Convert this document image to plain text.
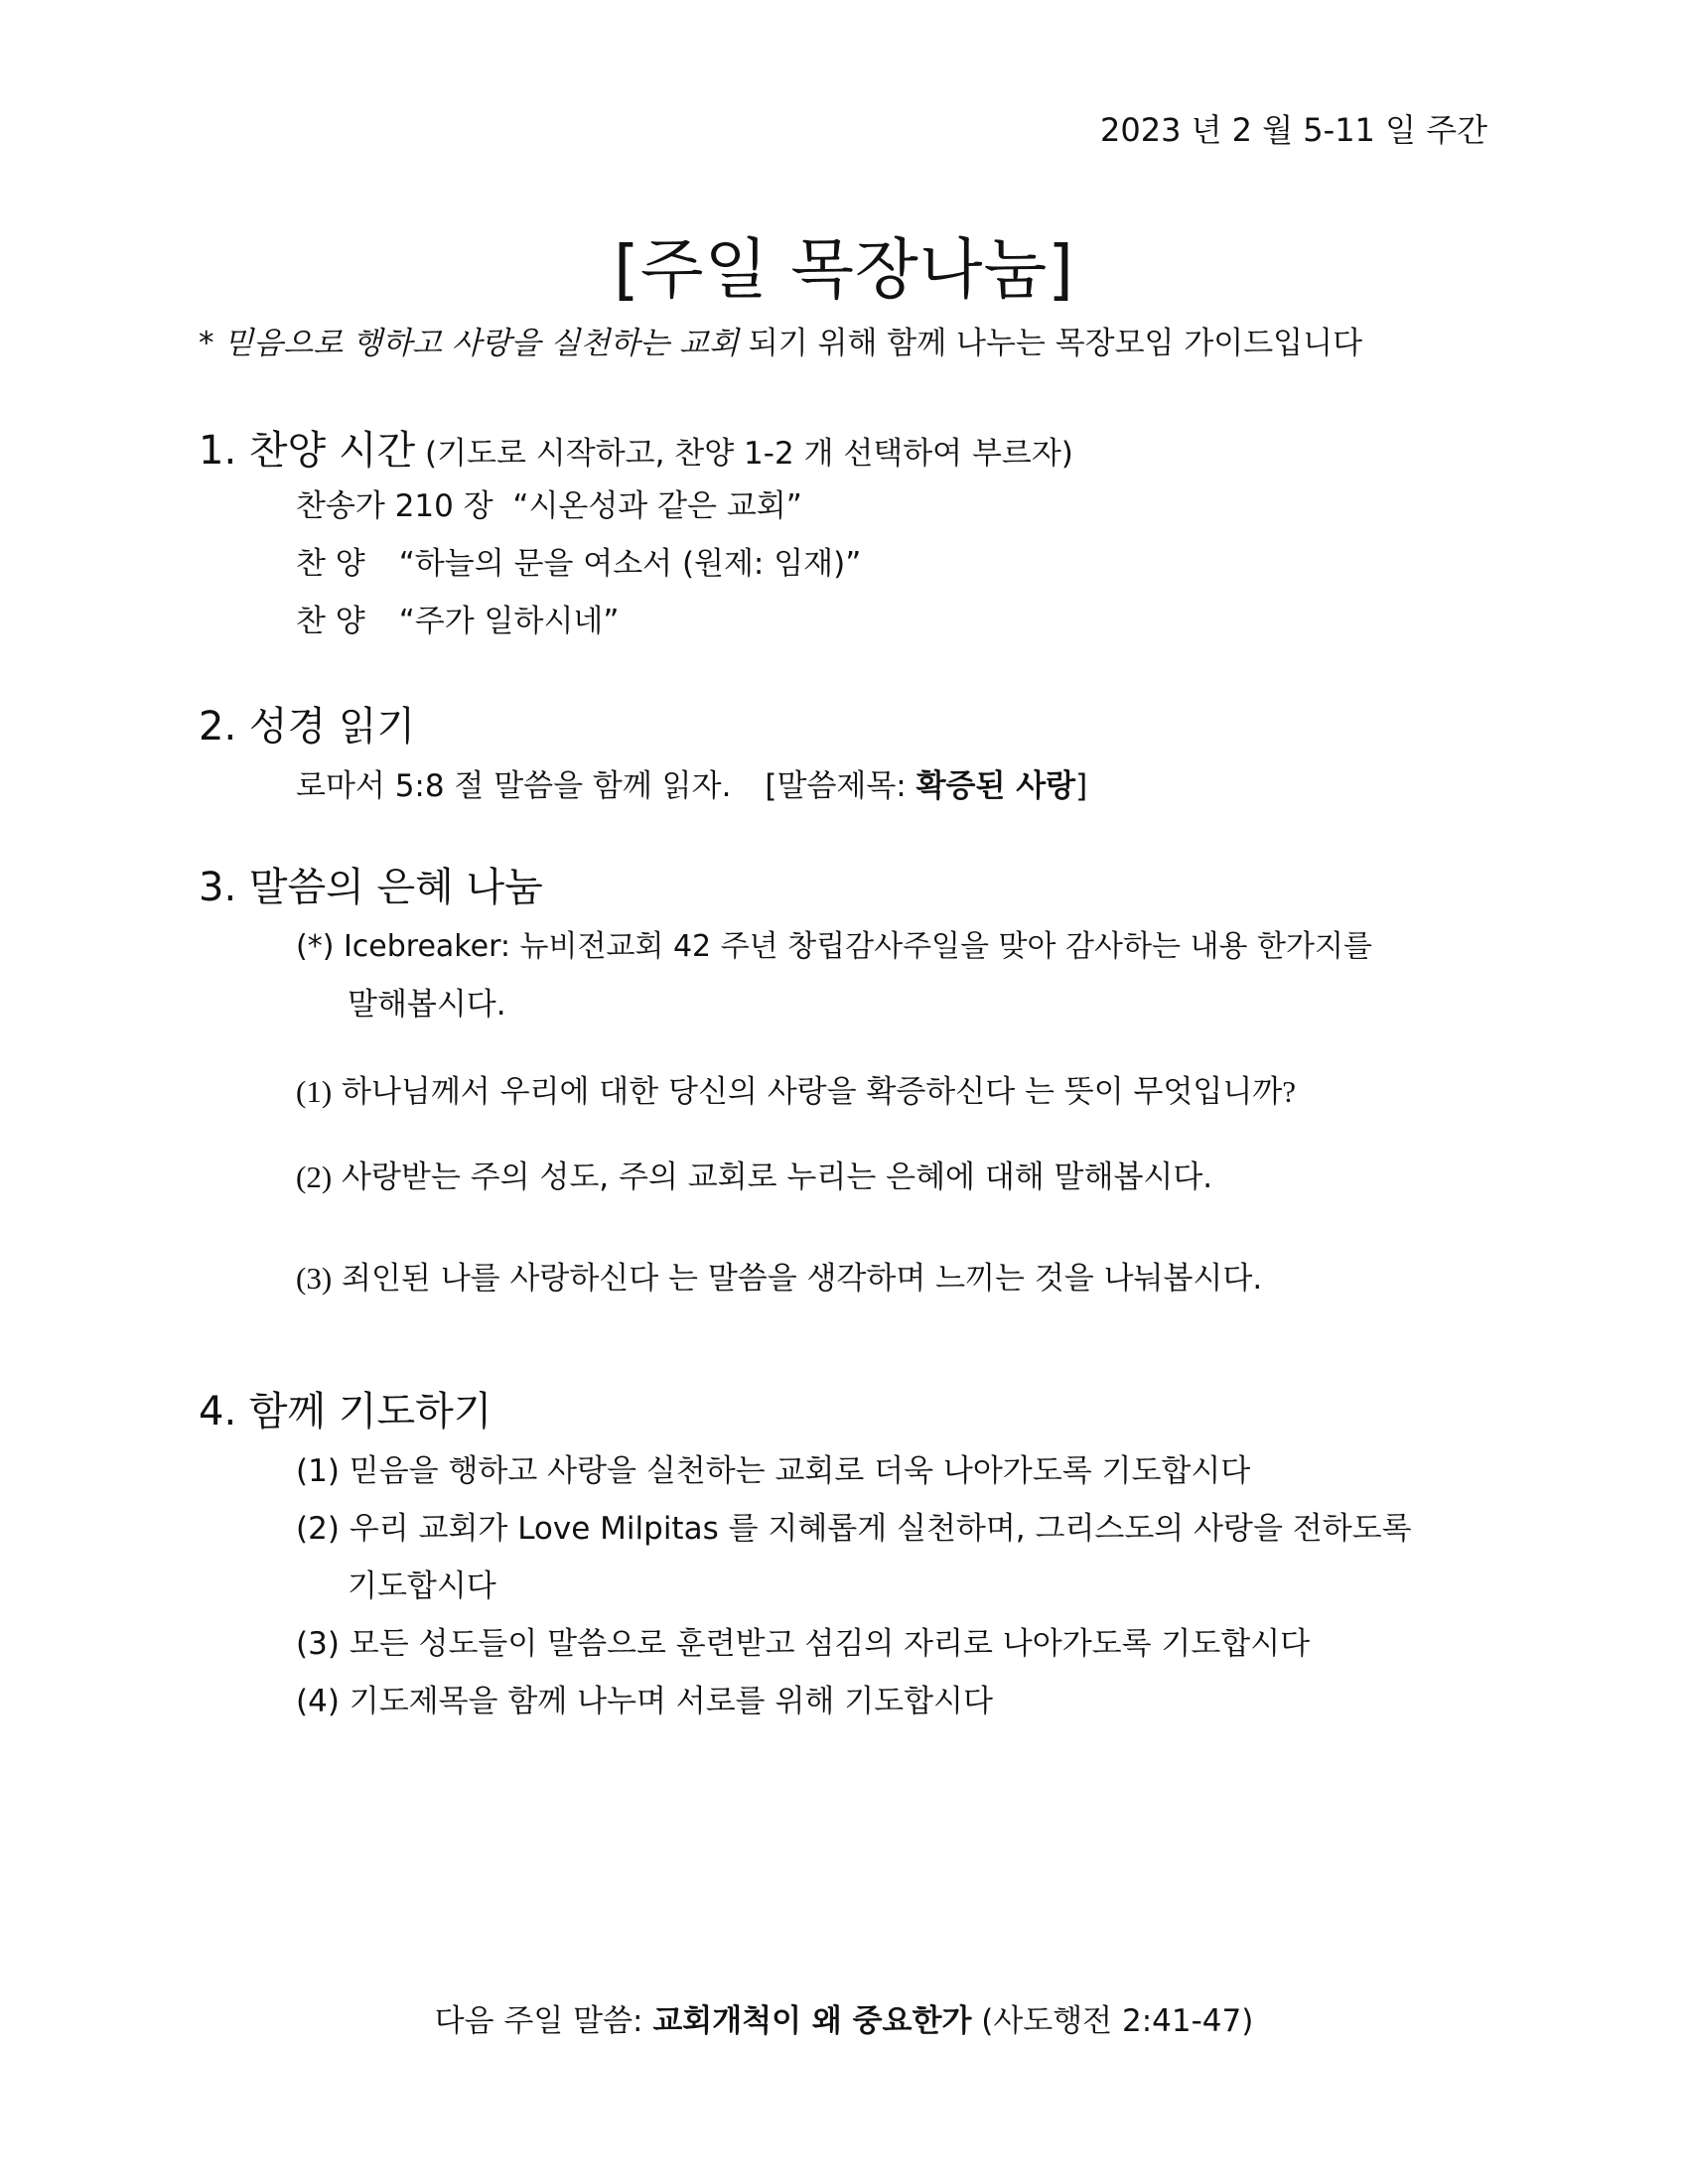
2023 년 2 월 5-11 일 주간
[주일 목장나눔]
* 믿음으로 행하고 사랑을 실천하는 교회 되기 위해 함께 나누는 목장모임 가이드입니다
1. 찬양 시간 (기도로 시작하고, 찬양 1-2 개 선택하여 부르자)
찬송가 210 장 “시온성과 같은 교회”
찬 양 “하늘의 문을 여소서 (원제: 임재)”
찬 양 “주가 일하시네”
2. 성경 읽기
로마서 5:8 절 말씀을 함께 읽자. [말씀제목: 확증된 사랑]
3. 말씀의 은혜 나눔
(*) Icebreaker: 뉴비전교회 42 주년 창립감사주일을 맞아 감사하는 내용 한가지를
말해봅시다.
(1) 하나님께서 우리에 대한 당신의 사랑을 확증하신다 는 뜻이 무엇입니까?
(2) 사랑받는 주의 성도, 주의 교회로 누리는 은혜에 대해 말해봅시다.
(3) 죄인된 나를 사랑하신다 는 말씀을 생각하며 느끼는 것을 나눠봅시다.
4. 함께 기도하기
(1) 믿음을 행하고 사랑을 실천하는 교회로 더욱 나아가도록 기도합시다
(2) 우리 교회가 Love Milpitas 를 지혜롭게 실천하며, 그리스도의 사랑을 전하도록
기도합시다
(3) 모든 성도들이 말씀으로 훈련받고 섬김의 자리로 나아가도록 기도합시다
(4) 기도제목을 함께 나누며 서로를 위해 기도합시다
다음 주일 말씀: 교회개척이 왜 중요한가 (사도행전 2:41-47)
